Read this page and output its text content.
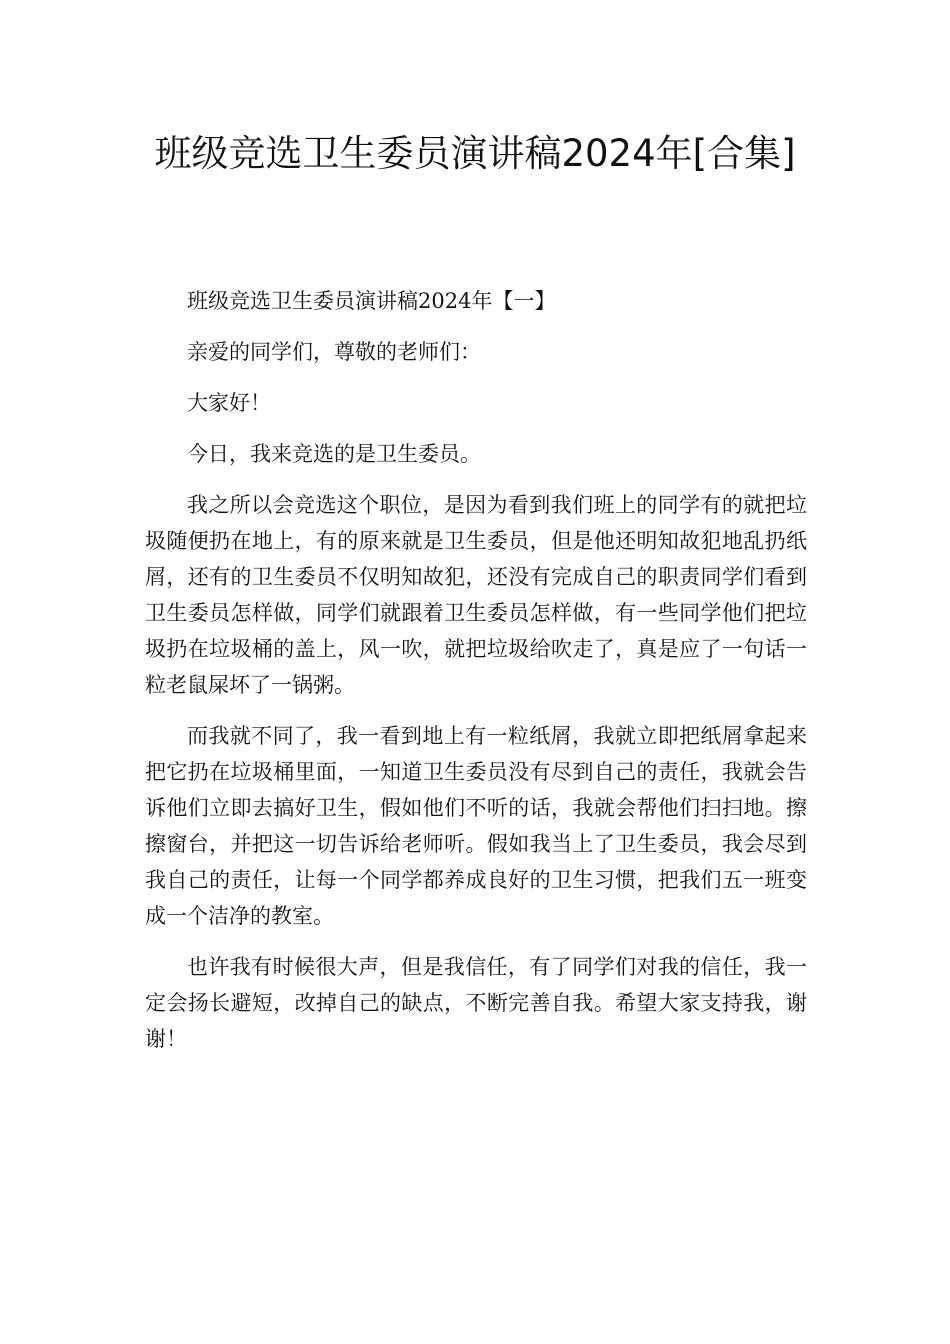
班级竞选卫生委员演讲稿2024年[合集]

班级竞选卫生委员演讲稿2024年【一】

亲爱的同学们，尊敬的老师们：

大家好！

今日，我来竞选的是卫生委员。

我之所以会竞选这个职位，是因为看到我们班上的同学有的就把垃圾随便扔在地上，有的原来就是卫生委员，但是他还明知故犯地乱扔纸屑，还有的卫生委员不仅明知故犯，还没有完成自己的职责同学们看到卫生委员怎样做，同学们就跟着卫生委员怎样做，有一些同学他们把垃圾扔在垃圾桶的盖上，风一吹，就把垃圾给吹走了，真是应了一句话一粒老鼠屎坏了一锅粥。

而我就不同了，我一看到地上有一粒纸屑，我就立即把纸屑拿起来把它扔在垃圾桶里面，一知道卫生委员没有尽到自己的责任，我就会告诉他们立即去搞好卫生，假如他们不听的话，我就会帮他们扫扫地。擦擦窗台，并把这一切告诉给老师听。假如我当上了卫生委员，我会尽到我自己的责任，让每一个同学都养成良好的卫生习惯，把我们五一班变成一个洁净的教室。

也许我有时候很大声，但是我信任，有了同学们对我的信任，我一定会扬长避短，改掉自己的缺点，不断完善自我。希望大家支持我，谢谢！
